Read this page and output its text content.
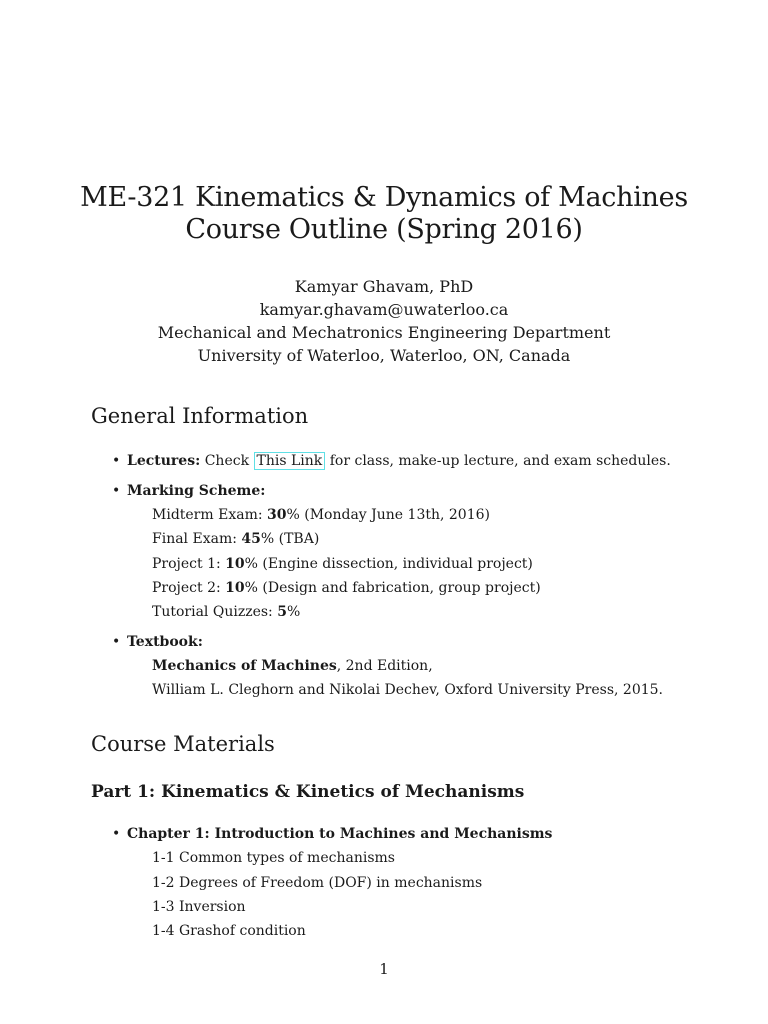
ME-321 Kinematics & Dynamics of Machines
Course Outline (Spring 2016)
Kamyar Ghavam, PhD
kamyar.ghavam@uwaterloo.ca
Mechanical and Mechatronics Engineering Department
University of Waterloo, Waterloo, ON, Canada
General Information
• Lectures: Check This Link for class, make-up lecture, and exam schedules.
• Marking Scheme:
Midterm Exam: 30% (Monday June 13th, 2016)
Final Exam: 45% (TBA)
Project 1: 10% (Engine dissection, individual project)
Project 2: 10% (Design and fabrication, group project)
Tutorial Quizzes: 5%
• Textbook:
Mechanics of Machines, 2nd Edition,
William L. Cleghorn and Nikolai Dechev, Oxford University Press, 2015.
Course Materials
Part 1: Kinematics & Kinetics of Mechanisms
• Chapter 1: Introduction to Machines and Mechanisms
1-1 Common types of mechanisms
1-2 Degrees of Freedom (DOF) in mechanisms
1-3 Inversion
1-4 Grashof condition
1
